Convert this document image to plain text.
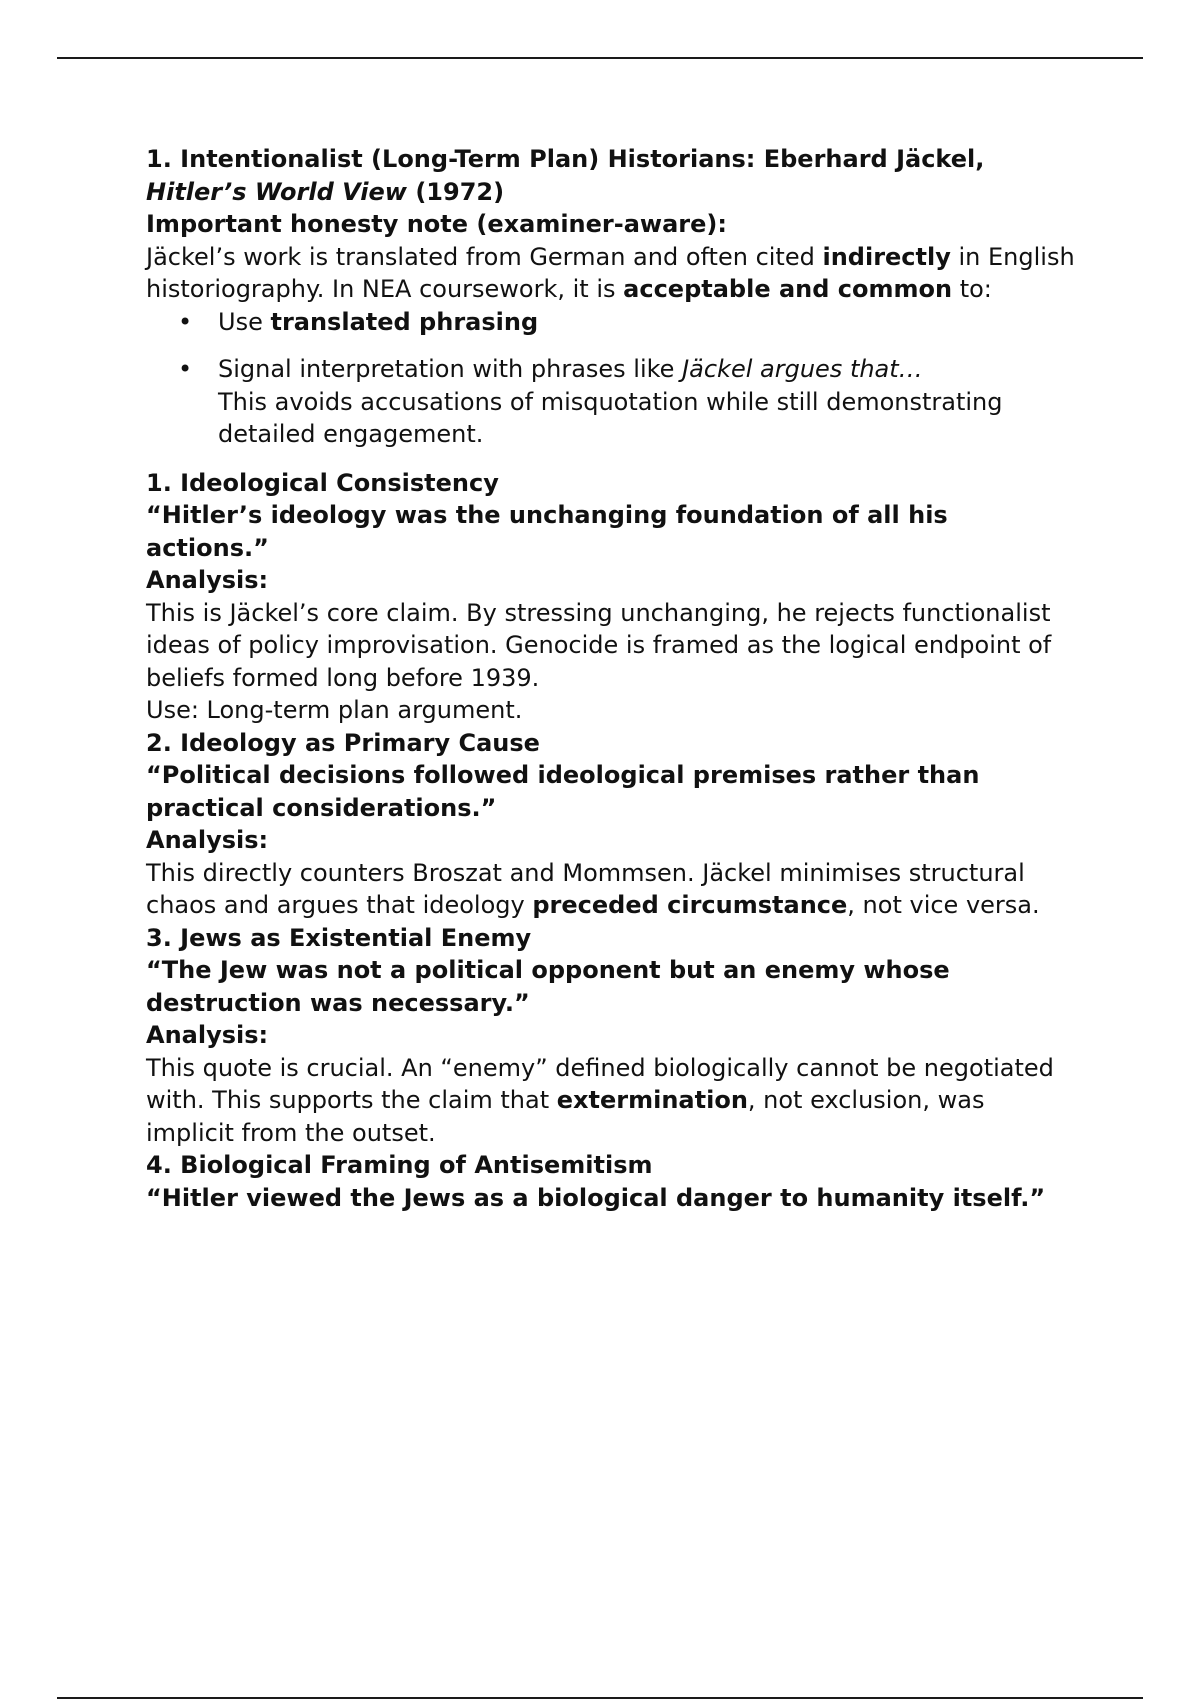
1. Intentionalist (Long-Term Plan) Historians: Eberhard Jäckel,
Hitler’s World View (1972)

Important honesty note (examiner-aware):

Jäckel’s work is translated from German and often cited indirectly in English historiography. In NEA coursework, it is acceptable and common to:

• Use translated phrasing
• Signal interpretation with phrases like Jäckel argues that…
This avoids accusations of misquotation while still demonstrating detailed engagement.

1. Ideological Consistency

“Hitler’s ideology was the unchanging foundation of all his actions.”

Analysis:

This is Jäckel’s core claim. By stressing unchanging, he rejects functionalist ideas of policy improvisation. Genocide is framed as the logical endpoint of beliefs formed long before 1939.

Use: Long-term plan argument.

2. Ideology as Primary Cause

“Political decisions followed ideological premises rather than practical considerations.”

Analysis:

This directly counters Broszat and Mommsen. Jäckel minimises structural chaos and argues that ideology preceded circumstance, not vice versa.

3. Jews as Existential Enemy

“The Jew was not a political opponent but an enemy whose destruction was necessary.”

Analysis:

This quote is crucial. An “enemy” defined biologically cannot be negotiated with. This supports the claim that extermination, not exclusion, was implicit from the outset.

4. Biological Framing of Antisemitism

“Hitler viewed the Jews as a biological danger to humanity itself.”
